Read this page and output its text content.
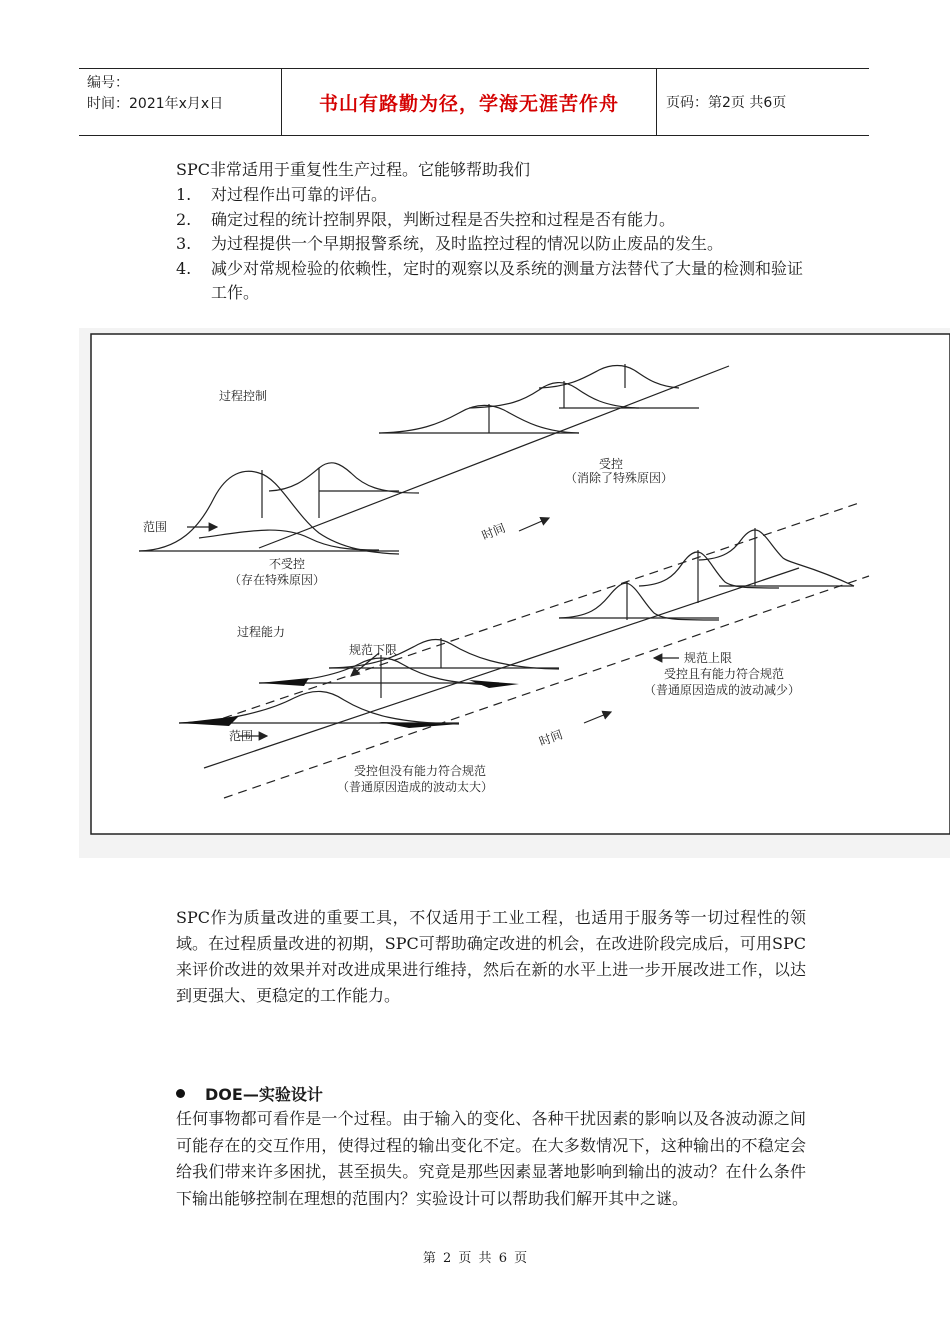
编号：
时间：2021年x月x日	书山有路勤为径，学海无涯苦作舟	页码：第2页 共6页

SPC非常适用于重复性生产过程。它能够帮助我们

1. 对过程作出可靠的评估。
2. 确定过程的统计控制界限，判断过程是否失控和过程是否有能力。
3. 为过程提供一个早期报警系统，及时监控过程的情况以防止废品的发生。
4. 减少对常规检验的依赖性，定时的观察以及系统的测量方法替代了大量的检测和验证工作。
过程控制
受控
（消除了特殊原因）
范围	时间
不受控
（存在特殊原因）
过程能力
规范下限
规范上限
受控且有能力符合规范
（普通原因造成的波动减少）
范围	时间
受控但没有能力符合规范
（普通原因造成的波动太大）

SPC作为质量改进的重要工具，不仅适用于工业工程，也适用于服务等一切过程性的领域。在过程质量改进的初期，SPC可帮助确定改进的机会，在改进阶段完成后，可用SPC来评价改进的效果并对改进成果进行维持，然后在新的水平上进一步开展改进工作，以达到更强大、更稳定的工作能力。

DOE—实验设计

任何事物都可看作是一个过程。由于输入的变化、各种干扰因素的影响以及各波动源之间可能存在的交互作用，使得过程的输出变化不定。在大多数情况下，这种输出的不稳定会给我们带来许多困扰，甚至损失。究竟是那些因素显著地影响到输出的波动？在什么条件下输出能够控制在理想的范围内？实验设计可以帮助我们解开其中之谜。

第 2 页 共 6 页
